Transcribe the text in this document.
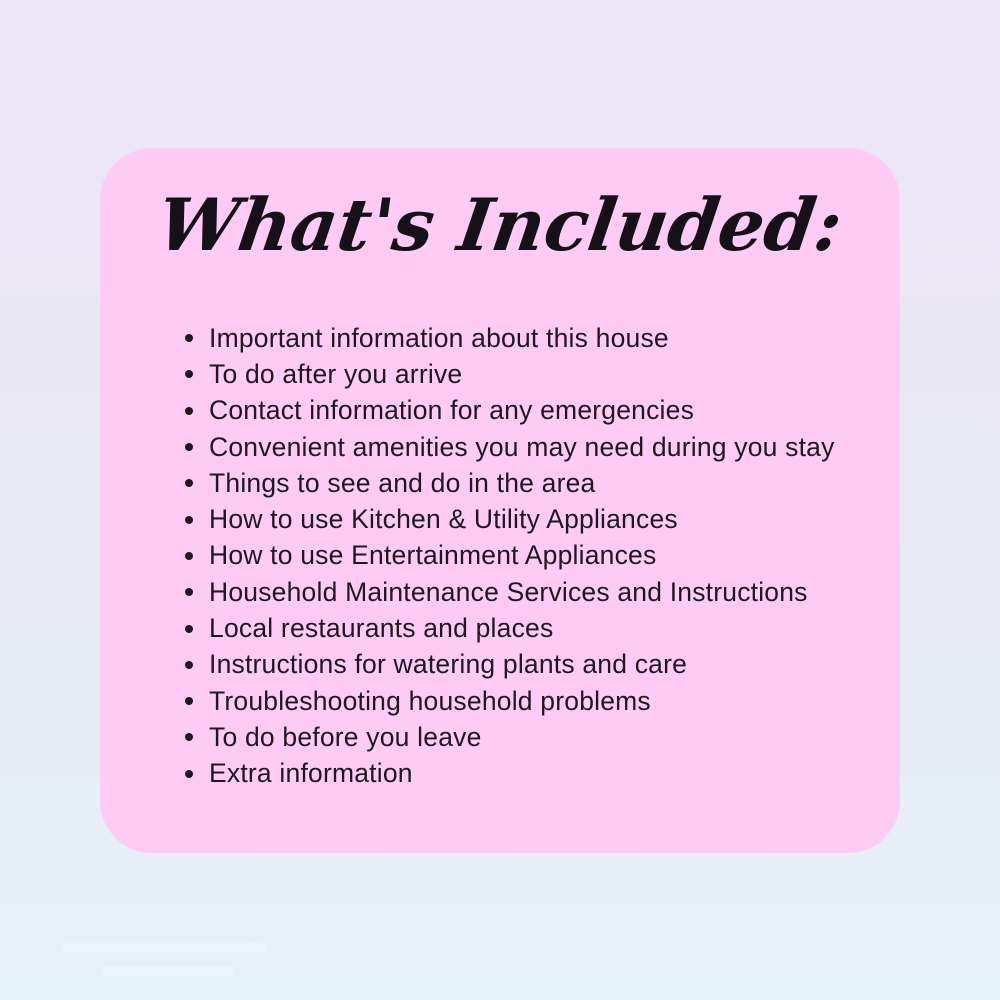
What's Included:
Important information about this house
To do after you arrive
Contact information for any emergencies
Convenient amenities you may need during you stay
Things to see and do in the area
How to use Kitchen & Utility Appliances
How to use Entertainment Appliances
Household Maintenance Services and Instructions
Local restaurants and places
Instructions for watering plants and care
Troubleshooting household problems
To do before you leave
Extra information
